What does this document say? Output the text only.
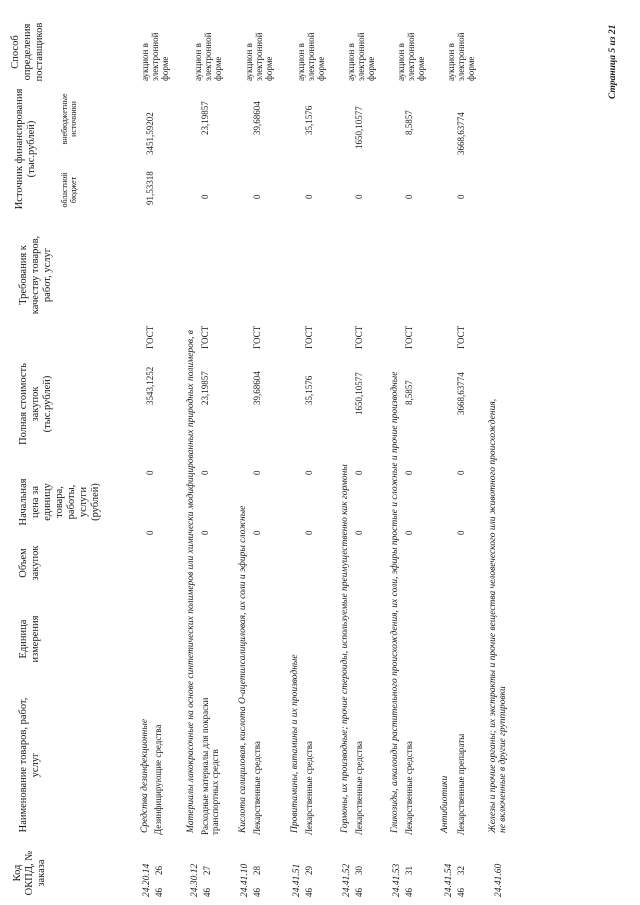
Код ОКПД, № заказа
Наименование товаров, работ, услуг
Единица измерения
Объем закупок
Начальная цена за единицу товара, работы, услуги (рублей)
Полная стоимость закупок (тыс.рублей)
Требования к качеству товаров, работ, услуг
Источник финансирования (тыс.рублей)
областной бюджет
внебюджетные источники
Способ определения поставщиков
24.20.14
Средства дезинфекционные
46
26
Дезинфицирующие средства
0
0
3543,1252
ГОСТ
91,53318
3451,59202
аукцион в электронной форме
24.30.12
Материалы лакокрасочные на основе синтетических полимеров или химически модифицированных природных полимеров, в
46
27
Расходные материалы для покраски транспортных средств
0
0
23,19857
ГОСТ
0
23,19857
аукцион в электронной форме
24.41.10
Кислота салициловая, кислота О-ацетилсалициловая, их соли и эфиры сложные
46
28
Лекарственные средства
0
0
39,68604
ГОСТ
0
39,68604
аукцион в электронной форме
24.41.51
Провитамины, витамины и их производные
46
29
Лекарственные средства
0
0
35,1576
ГОСТ
0
35,1576
аукцион в электронной форме
24.41.52
Гормоны, их производные; прочие стероиды, используемые преимущественно как гормоны
46
30
Лекарственные средства
0
0
1650,10577
ГОСТ
0
1650,10577
аукцион в электронной форме
24.41.53
Гликозиды, алкалоиды растительного происхождения, их соли, эфиры простые и сложные и прочие производные
46
31
Лекарственные средства
0
0
8,5857
ГОСТ
0
8,5857
аукцион в электронной форме
24.41.54
Антибиотики
46
32
Лекарственные препараты
0
0
3668,63774
ГОСТ
0
3668,63774
аукцион в электронной форме
24.41.60
Железы и прочие органы; их экстракты и прочие вещества человеческого или животного происхождения, не включенные в другие группировки
Страница 5 из 21
